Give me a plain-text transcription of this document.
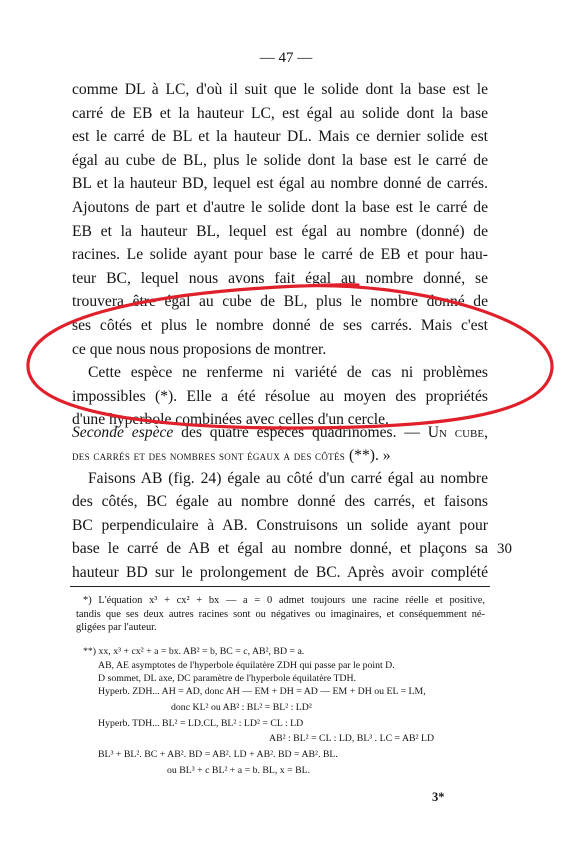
— 47 —
comme DL à LC, d'où il suit que le solide dont la base est le
carré de EB et la hauteur LC, est égal au solide dont la base
est le carré de BL et la hauteur DL. Mais ce dernier solide est
égal au cube de BL, plus le solide dont la base est le carré de
BL et la hauteur BD, lequel est égal au nombre donné de carrés.
Ajoutons de part et d'autre le solide dont la base est le carré de
EB et la hauteur BL, lequel est égal au nombre (donné) de
racines. Le solide ayant pour base le carré de EB et pour hau-
teur BC, lequel nous avons fait égal au nombre donné, se
trouvera être égal au cube de BL, plus le nombre donné de
ses côtés et plus le nombre donné de ses carrés. Mais c'est
ce que nous nous proposions de montrer.
Cette espèce ne renferme ni variété de cas ni problèmes
impossibles (*). Elle a été résolue au moyen des propriétés
d'une hyperbole combinées avec celles d'un cercle.
Seconde espèce des quatre espèces quadrinômes. — Un cube,
des carrés et des nombres sont égaux a des côtés (**). »
Faisons AB (fig. 24) égale au côté d'un carré égal au nombre
des côtés, BC égale au nombre donné des carrés, et faisons
BC perpendiculaire à AB. Construisons un solide ayant pour
base le carré de AB et égal au nombre donné, et plaçons sa
hauteur BD sur le prolongement de BC. Après avoir complété
30
*) L'équation x³ + cx² + bx — a = 0 admet toujours une racine réelle et positive,
tandis que ses deux autres racines sont ou négatives ou imaginaires, et conséquemment né-
gligées par l'auteur.
**) xx, x³ + cx² + a = bx. AB² = b, BC = c, AB², BD = a.
AB, AE asymptotes de l'hyperbole équilatère ZDH qui passe par le point D.
D sommet, DL axe, DC paramètre de l'hyperbole équilatère TDH.
Hyperb. ZDH... AH = AD, donc AH — EM + DH = AD — EM + DH ou EL = LM,
donc KL² ou AB² : BL² = BL² : LD²
Hyperb. TDH... BL² = LD.CL, BL² : LD² = CL : LD
AB² : BL² = CL : LD, BL³ . LC = AB² LD
BL³ + BL². BC + AB². BD = AB². LD + AB². BD = AB². BL.
ou BL³ + c BL² + a = b. BL, x = BL.
3*
